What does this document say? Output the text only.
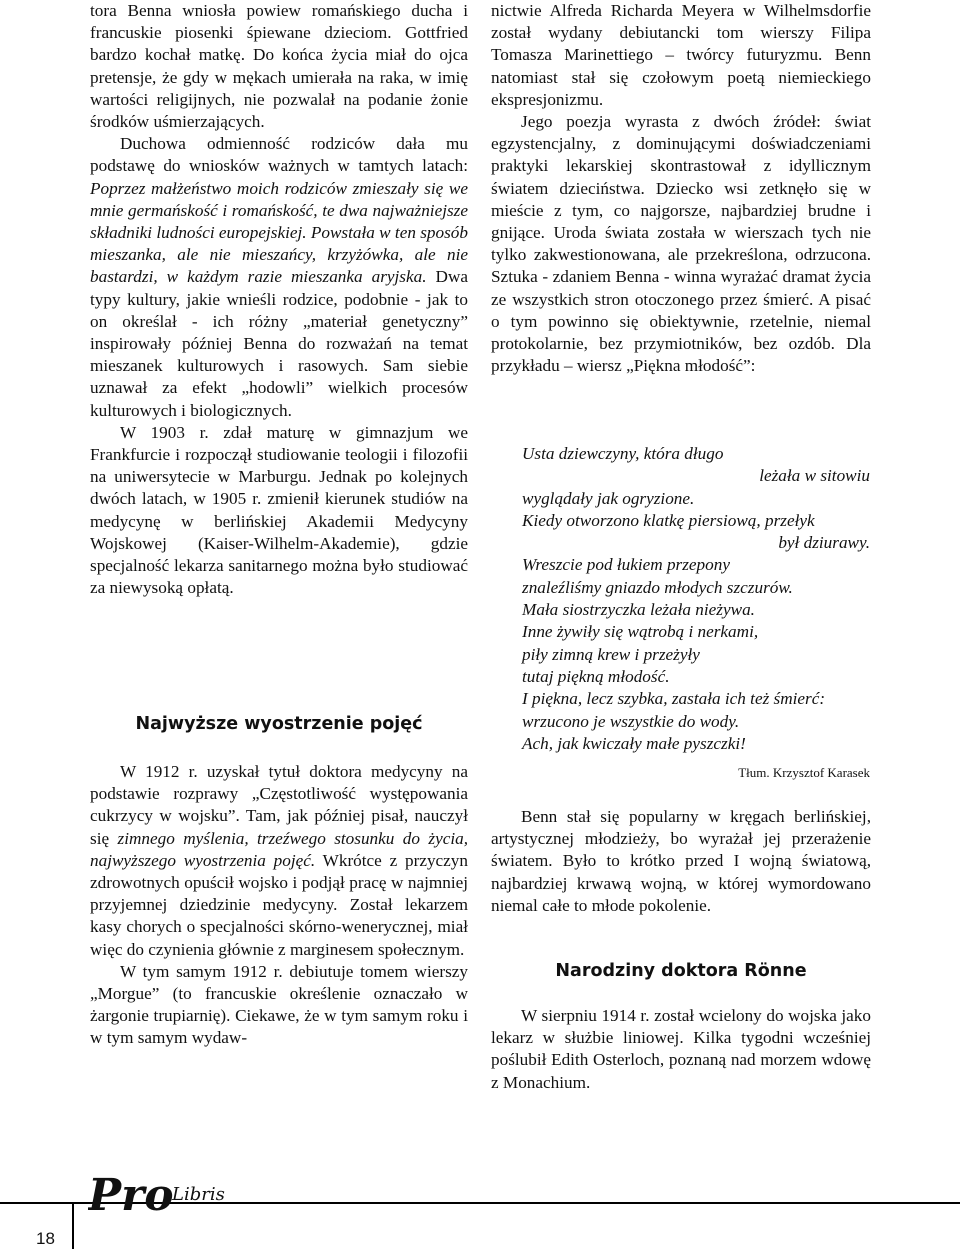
tora Benna wniosła powiew romańskiego ducha i francuskie piosenki śpiewane dzieciom. Gottfried bardzo kochał matkę. Do końca życia miał do ojca pretensje, że gdy w mękach umierała na raka, w imię wartości religijnych, nie pozwalał na podanie żonie środków uśmierzających.

Duchowa odmienność rodziców dała mu podstawę do wniosków ważnych w tamtych latach: Poprzez małżeństwo moich rodziców zmieszały się we mnie germańskość i romańskość, te dwa najważniejsze składniki ludności europejskiej. Powstała w ten sposób mieszanka, ale nie mieszańcy, krzyżówka, ale nie bastardzi, w każdym razie mieszanka aryjska. Dwa typy kultury, jakie wnieśli rodzice, podobnie - jak to on określał - ich różny „materiał genetyczny” inspirowały później Benna do rozważań na temat mieszanek kulturowych i rasowych. Sam siebie uznawał za efekt „hodowli” wielkich procesów kulturowych i biologicznych.

W 1903 r. zdał maturę w gimnazjum we Frankfurcie i rozpoczął studiowanie teologii i filozofii na uniwersytecie w Marburgu. Jednak po kolejnych dwóch latach, w 1905 r. zmienił kierunek studiów na medycynę w berlińskiej Akademii Medycyny Wojskowej (Kaiser-Wilhelm-Akademie), gdzie specjalność lekarza sanitarnego można było studiować za niewysoką opłatą.

Najwyższe wyostrzenie pojęć

W 1912 r. uzyskał tytuł doktora medycyny na podstawie rozprawy „Częstotliwość występowania cukrzycy w wojsku”. Tam, jak później pisał, nauczył się zimnego myślenia, trzeźwego stosunku do życia, najwyższego wyostrzenia pojęć. Wkrótce z przyczyn zdrowotnych opuścił wojsko i podjął pracę w najmniej przyjemnej dziedzinie medycyny. Został lekarzem kasy chorych o specjalności skórno-wenerycznej, miał więc do czynienia głównie z marginesem społecznym.

W tym samym 1912 r. debiutuje tomem wierszy „Morgue” (to francuskie określenie oznaczało w żargonie trupiarnię). Ciekawe, że w tym samym roku i w tym samym wydaw-

nictwie Alfreda Richarda Meyera w Wilhelmsdorfie został wydany debiutancki tom wierszy Filipa Tomasza Marinettiego – twórcy futuryzmu. Benn natomiast stał się czołowym poetą niemieckiego ekspresjonizmu.

Jego poezja wyrasta z dwóch źródeł: świat egzystencjalny, z dominującymi doświadczeniami praktyki lekarskiej skontrastował z idyllicznym światem dzieciństwa. Dziecko wsi zetknęło się w mieście z tym, co najgorsze, najbardziej brudne i gnijące. Uroda świata została w wierszach tych nie tylko zakwestionowana, ale przekreślona, odrzucona. Sztuka - zdaniem Benna - winna wyrażać dramat życia ze wszystkich stron otoczonego przez śmierć. A pisać o tym powinno się obiektywnie, rzetelnie, niemal protokolarnie, bez przymiotników, bez ozdób. Dla przykładu – wiersz „Piękna młodość”:

Usta dziewczyny, która długo
leżała w sitowiu
wyglądały jak ogryzione.
Kiedy otworzono klatkę piersiową, przełyk
był dziurawy.
Wreszcie pod łukiem przepony
znaleźliśmy gniazdo młodych szczurów.
Mała siostrzyczka leżała nieżywa.
Inne żywiły się wątrobą i nerkami,
piły zimną krew i przeżyły
tutaj piękną młodość.
I piękna, lecz szybka, zastała ich też śmierć:
wrzucono je wszystkie do wody.
Ach, jak kwiczały małe pyszczki!
Tłum. Krzysztof Karasek

Benn stał się popularny w kręgach berlińskiej, artystycznej młodzieży, bo wyrażał jej przerażenie światem. Było to krótko przed I wojną światową, najbardziej krwawą wojną, w której wymordowano niemal całe to młode pokolenie.

Narodziny doktora Rönne

W sierpniu 1914 r. został wcielony do wojska jako lekarz w służbie liniowej. Kilka tygodni wcześniej poślubił Edith Osterloch, poznaną nad morzem wdowę z Monachium.

Pro
Libris
18
